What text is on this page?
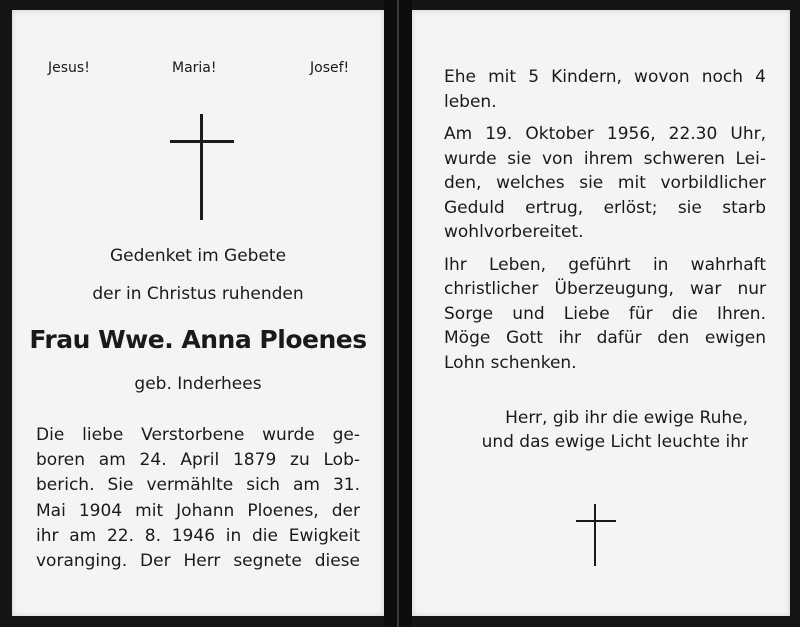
Jesus!	Maria!	Josef!
Gedenket im Gebete
der in Christus ruhenden
Frau Wwe. Anna Ploenes
geb. Inderhees
Die liebe Verstorbene wurde ge-
boren am 24. April 1879 zu Lob-
berich. Sie vermählte sich am 31.
Mai 1904 mit Johann Ploenes, der
ihr am 22. 8. 1946 in die Ewigkeit
voranging. Der Herr segnete diese
Ehe mit 5 Kindern, wovon noch 4
leben.
Am 19. Oktober 1956, 22.30 Uhr,
wurde sie von ihrem schweren Lei-
den, welches sie mit vorbildlicher
Geduld ertrug, erlöst; sie starb
wohlvorbereitet.
Ihr Leben, geführt in wahrhaft
christlicher Überzeugung, war nur
Sorge und Liebe für die Ihren.
Möge Gott ihr dafür den ewigen
Lohn schenken.
Herr, gib ihr die ewige Ruhe,
und das ewige Licht leuchte ihr
